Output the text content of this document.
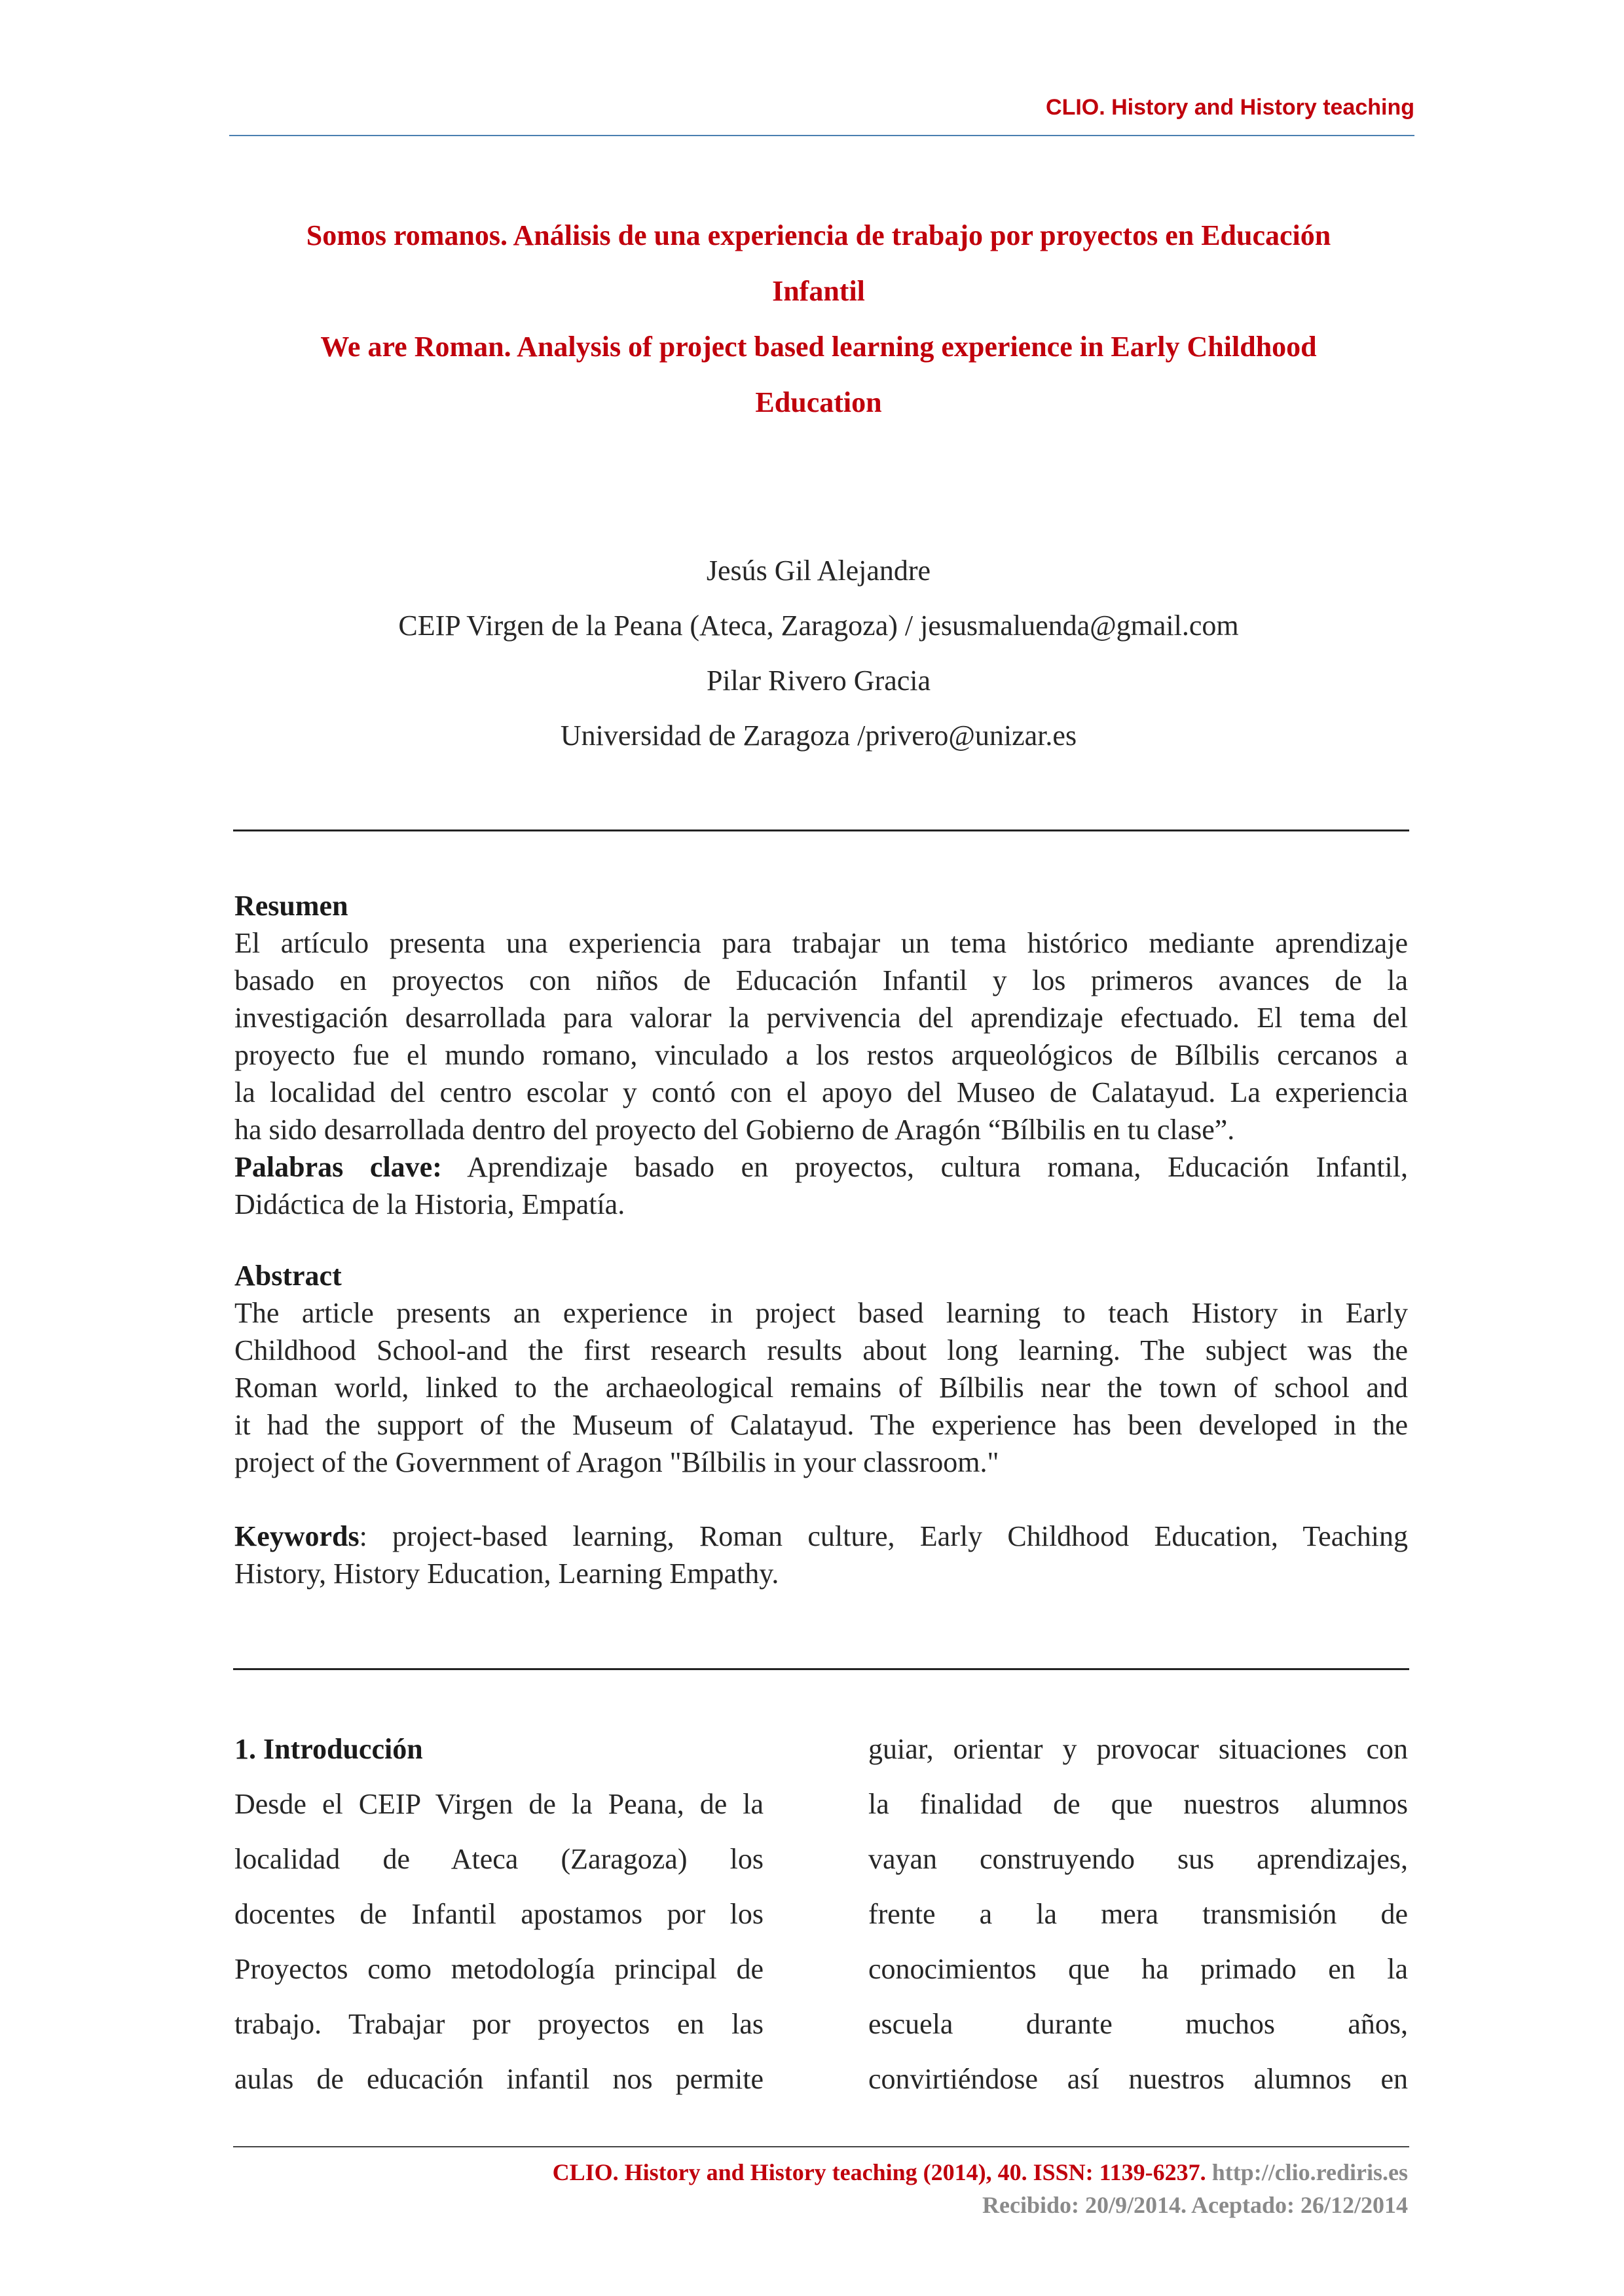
CLIO. History and History teaching
Somos romanos. Análisis de una experiencia de trabajo por proyectos en Educación
Infantil
We are Roman. Analysis of project based learning experience in Early Childhood
Education
Jesús Gil Alejandre
CEIP Virgen de la Peana (Ateca, Zaragoza) / jesusmaluenda@gmail.com
Pilar Rivero Gracia
Universidad de Zaragoza /privero@unizar.es
Resumen
El artículo presenta una experiencia para trabajar un tema histórico mediante aprendizaje
basado en proyectos con niños de Educación Infantil y los primeros avances de la
investigación desarrollada para valorar la pervivencia del aprendizaje efectuado. El tema del
proyecto fue el mundo romano, vinculado a los restos arqueológicos de Bílbilis cercanos a
la localidad del centro escolar y contó con el apoyo del Museo de Calatayud. La experiencia
ha sido desarrollada dentro del proyecto del Gobierno de Aragón “Bílbilis en tu clase”.
Palabras clave: Aprendizaje basado en proyectos, cultura romana, Educación Infantil,
Didáctica de la Historia, Empatía.
Abstract
The article presents an experience in project based learning to teach History in Early
Childhood School-and the first research results about long learning. The subject was the
Roman world, linked to the archaeological remains of Bílbilis near the town of school and
it had the support of the Museum of Calatayud. The experience has been developed in the
project of the Government of Aragon "Bílbilis in your classroom."
Keywords: project-based learning, Roman culture, Early Childhood Education, Teaching
History, History Education, Learning Empathy.
1. Introducción
Desde el CEIP Virgen de la Peana, de la
localidad de Ateca (Zaragoza) los
docentes de Infantil apostamos por los
Proyectos como metodología principal de
trabajo. Trabajar por proyectos en las
aulas de educación infantil nos permite
guiar, orientar y provocar situaciones con
la finalidad de que nuestros alumnos
vayan construyendo sus aprendizajes,
frente a la mera transmisión de
conocimientos que ha primado en la
escuela durante muchos años,
convirtiéndose así nuestros alumnos en
CLIO. History and History teaching (2014), 40. ISSN: 1139-6237. http://clio.rediris.es
Recibido: 20/9/2014. Aceptado: 26/12/2014
